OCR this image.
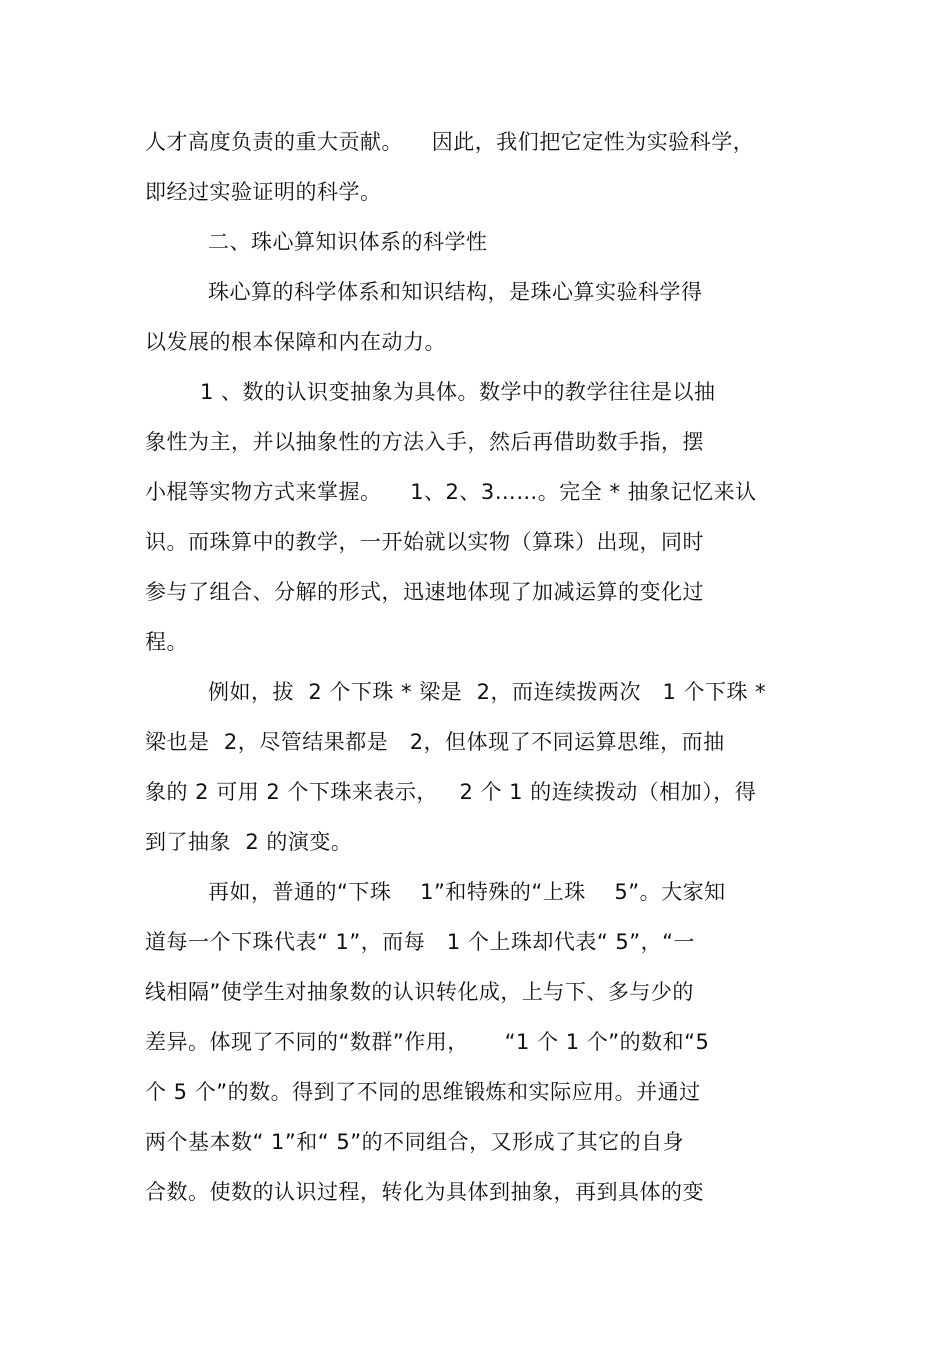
人才高度负责的重大贡献。    因此，我们把它定性为实验科学，
即经过实验证明的科学。
二、珠心算知识体系的科学性
珠心算的科学体系和知识结构，是珠心算实验科学得
以发展的根本保障和内在动力。
1 、数的认识变抽象为具体。数学中的教学往往是以抽
象性为主，并以抽象性的方法入手，然后再借助数手指，摆
小棍等实物方式来掌握。    1、2、3……。完全 * 抽象记忆来认
识。而珠算中的教学，一开始就以实物（算珠）出现，同时
参与了组合、分解的形式，迅速地体现了加减运算的变化过
程。
例如，拔  2 个下珠 * 梁是  2，而连续拨两次   1 个下珠 *
梁也是  2，尽管结果都是   2，但体现了不同运算思维，而抽
象的 2 可用 2 个下珠来表示，   2 个 1 的连续拨动（相加），得
到了抽象  2 的演变。
再如，普通的“下珠    1”和特殊的“上珠    5”。大家知
道每一个下珠代表“ 1”，而每   1 个上珠却代表“ 5”，“一
线相隔”使学生对抽象数的认识转化成，上与下、多与少的
差异。体现了不同的“数群”作用，     “1 个 1 个”的数和“5
个 5 个”的数。得到了不同的思维锻炼和实际应用。并通过
两个基本数“ 1”和“ 5”的不同组合，又形成了其它的自身
合数。使数的认识过程，转化为具体到抽象，再到具体的变
